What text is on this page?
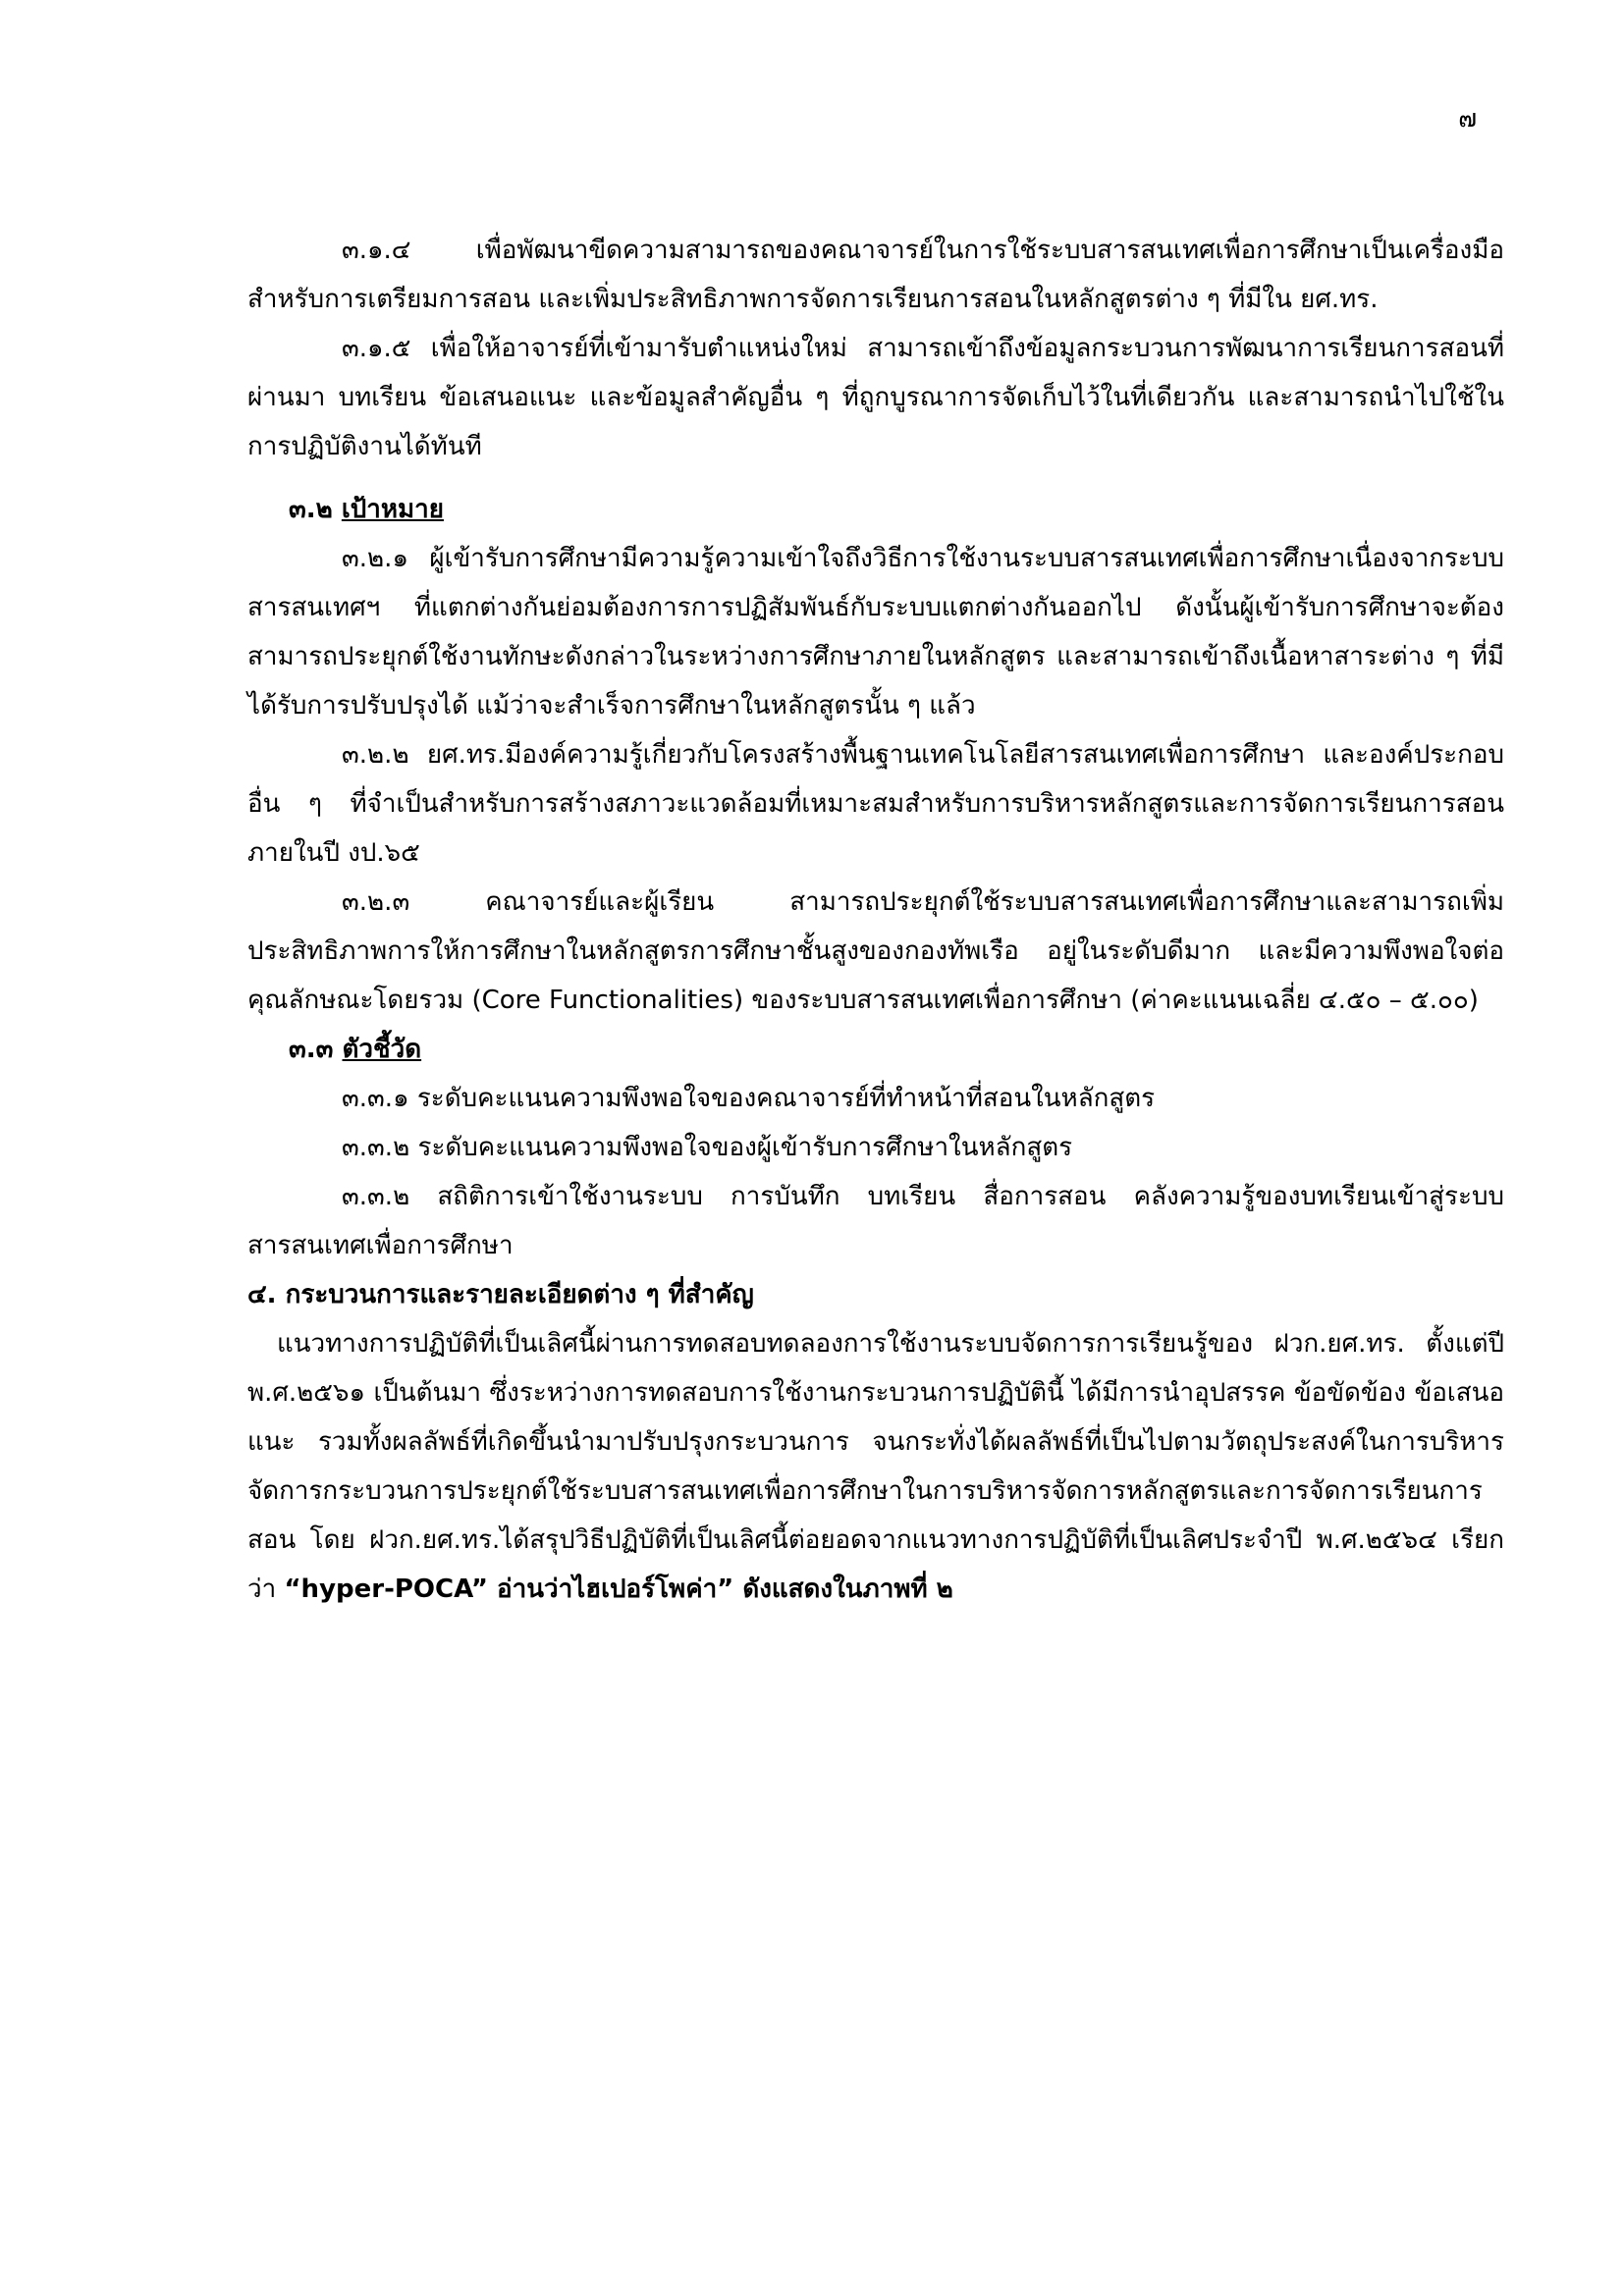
๗

๓.๑.๔ เพื่อพัฒนาขีดความสามารถของคณาจารย์ในการใช้ระบบสารสนเทศเพื่อการศึกษาเป็นเครื่องมือสำหรับการเตรียมการสอน และเพิ่มประสิทธิภาพการจัดการเรียนการสอนในหลักสูตรต่าง ๆ ที่มีใน ยศ.ทร.

๓.๑.๕ เพื่อให้อาจารย์ที่เข้ามารับตำแหน่งใหม่ สามารถเข้าถึงข้อมูลกระบวนการพัฒนาการเรียนการสอนที่ผ่านมา บทเรียน ข้อเสนอแนะ และข้อมูลสำคัญอื่น ๆ ที่ถูกบูรณาการจัดเก็บไว้ในที่เดียวกัน และสามารถนำไปใช้ในการปฏิบัติงานได้ทันที

๓.๒ เป้าหมาย

๓.๒.๑ ผู้เข้ารับการศึกษามีความรู้ความเข้าใจถึงวิธีการใช้งานระบบสารสนเทศเพื่อการศึกษาเนื่องจากระบบสารสนเทศฯ ที่แตกต่างกันย่อมต้องการการปฏิสัมพันธ์กับระบบแตกต่างกันออกไป ดังนั้นผู้เข้ารับการศึกษาจะต้องสามารถประยุกต์ใช้งานทักษะดังกล่าวในระหว่างการศึกษาภายในหลักสูตร และสามารถเข้าถึงเนื้อหาสาระต่าง ๆ ที่มีได้รับการปรับปรุงได้ แม้ว่าจะสำเร็จการศึกษาในหลักสูตรนั้น ๆ แล้ว

๓.๒.๒ ยศ.ทร.มีองค์ความรู้เกี่ยวกับโครงสร้างพื้นฐานเทคโนโลยีสารสนเทศเพื่อการศึกษา และองค์ประกอบอื่น ๆ ที่จำเป็นสำหรับการสร้างสภาวะแวดล้อมที่เหมาะสมสำหรับการบริหารหลักสูตรและการจัดการเรียนการสอนภายในปี งป.๖๕

๓.๒.๓ คณาจารย์และผู้เรียน สามารถประยุกต์ใช้ระบบสารสนเทศเพื่อการศึกษาและสามารถเพิ่มประสิทธิภาพการให้การศึกษาในหลักสูตรการศึกษาชั้นสูงของกองทัพเรือ อยู่ในระดับดีมาก และมีความพึงพอใจต่อคุณลักษณะโดยรวม (Core Functionalities) ของระบบสารสนเทศเพื่อการศึกษา (ค่าคะแนนเฉลี่ย ๔.๕๐ – ๕.๐๐)

๓.๓ ตัวชี้วัด

๓.๓.๑ ระดับคะแนนความพึงพอใจของคณาจารย์ที่ทำหน้าที่สอนในหลักสูตร

๓.๓.๒ ระดับคะแนนความพึงพอใจของผู้เข้ารับการศึกษาในหลักสูตร

๓.๓.๒ สถิติการเข้าใช้งานระบบ การบันทึก บทเรียน สื่อการสอน คลังความรู้ของบทเรียนเข้าสู่ระบบสารสนเทศเพื่อการศึกษา

๔. กระบวนการและรายละเอียดต่าง ๆ ที่สำคัญ

แนวทางการปฏิบัติที่เป็นเลิศนี้ผ่านการทดสอบทดลองการใช้งานระบบจัดการการเรียนรู้ของ ฝวก.ยศ.ทร. ตั้งแต่ปี พ.ศ.๒๕๖๑ เป็นต้นมา ซึ่งระหว่างการทดสอบการใช้งานกระบวนการปฏิบัตินี้ ได้มีการนำอุปสรรค ข้อขัดข้อง ข้อเสนอแนะ รวมทั้งผลลัพธ์ที่เกิดขึ้นนำมาปรับปรุงกระบวนการ จนกระทั่งได้ผลลัพธ์ที่เป็นไปตามวัตถุประสงค์ในการบริหารจัดการกระบวนการประยุกต์ใช้ระบบสารสนเทศเพื่อการศึกษาในการบริหารจัดการหลักสูตรและการจัดการเรียนการสอน โดย ฝวก.ยศ.ทร.ได้สรุปวิธีปฏิบัติที่เป็นเลิศนี้ต่อยอดจากแนวทางการปฏิบัติที่เป็นเลิศประจำปี พ.ศ.๒๕๖๔ เรียกว่า “hyper-POCA” อ่านว่าไฮเปอร์โพค่า” ดังแสดงในภาพที่ ๒
